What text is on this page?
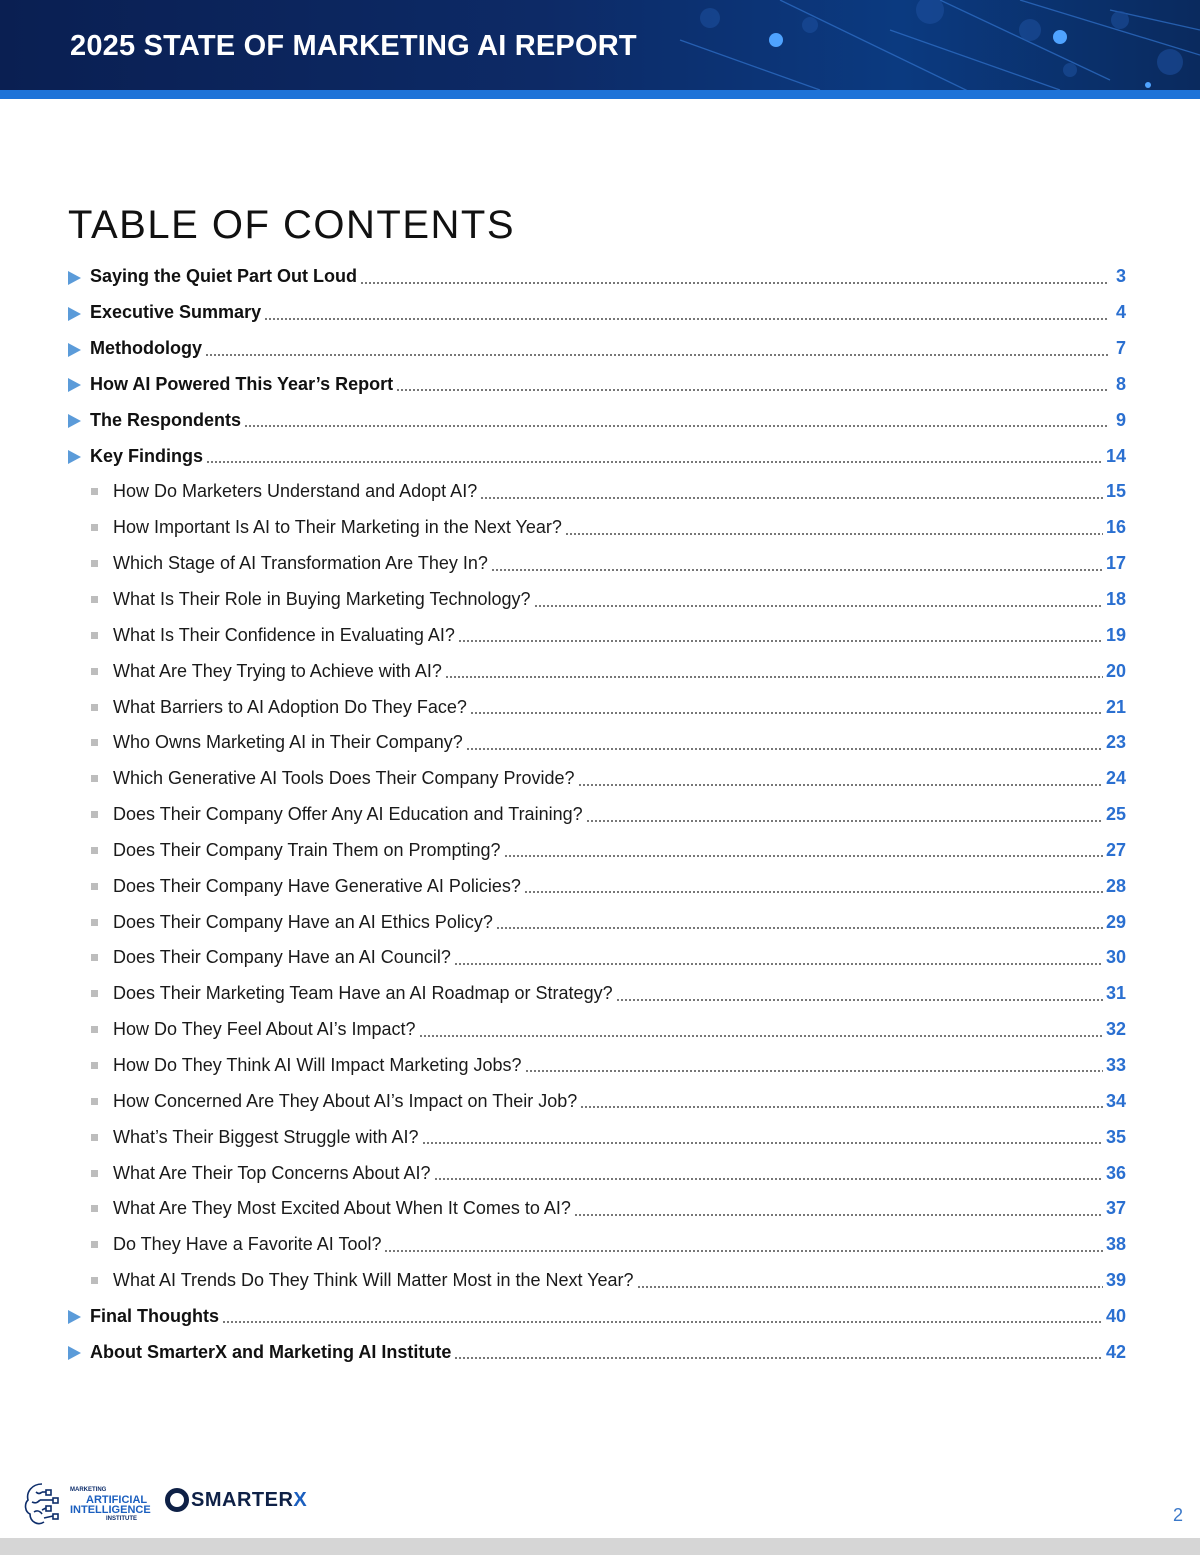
2025 STATE OF MARKETING AI REPORT
TABLE OF CONTENTS
Saying the Quiet Part Out Loud	3
Executive Summary	4
Methodology	7
How AI Powered This Year’s Report	8
The Respondents	9
Key Findings	14
How Do Marketers Understand and Adopt AI?	15
How Important Is AI to Their Marketing in the Next Year?	16
Which Stage of AI Transformation Are They In?	17
What Is Their Role in Buying Marketing Technology?	18
What Is Their Confidence in Evaluating AI?	19
What Are They Trying to Achieve with AI?	20
What Barriers to AI Adoption Do They Face?	21
Who Owns Marketing AI in Their Company?	23
Which Generative AI Tools Does Their Company Provide?	24
Does Their Company Offer Any AI Education and Training?	25
Does Their Company Train Them on Prompting?	27
Does Their Company Have Generative AI Policies?	28
Does Their Company Have an AI Ethics Policy?	29
Does Their Company Have an AI Council?	30
Does Their Marketing Team Have an AI Roadmap or Strategy?	31
How Do They Feel About AI’s Impact?	32
How Do They Think AI Will Impact Marketing Jobs?	33
How Concerned Are They About AI’s Impact on Their Job?	34
What’s Their Biggest Struggle with AI?	35
What Are Their Top Concerns About AI?	36
What Are They Most Excited About When It Comes to AI?	37
Do They Have a Favorite AI Tool?	38
What AI Trends Do They Think Will Matter Most in the Next Year?	39
Final Thoughts	40
About SmarterX and Marketing AI Institute	42
MARKETING
ARTIFICIAL
INTELLIGENCE
INSTITUTE
SMARTERX
2
